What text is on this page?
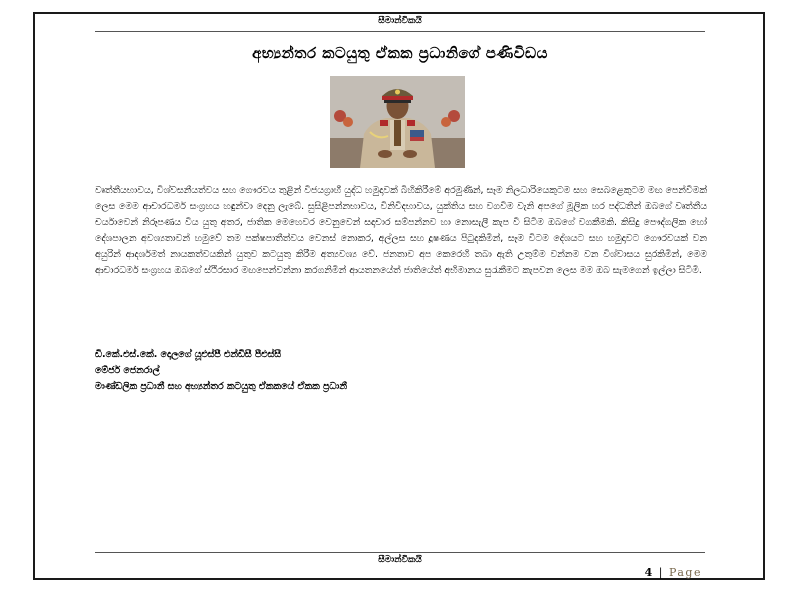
සීමාන්විකයි
අභ්‍යන්තර කටයුතු ඒකක ප්‍රධානිගේ පණිවිඩය

වෘත්තීයභාවය, විශ්වසනීයත්වය සහ ගෞරවය තුළින් විජයග්‍රාහී යුද්ධ හමුදාවක් බිහිකිරීමේ අරමුණින්, සෑම නිලධාරියෙකුටම සහ සෙබළෙකුටම මඟ පෙන්වීමක් ලෙස මෙම ආචාරධර්ම සංග්‍රහය හඳුන්වා දෙනු ලැබේ. සුසිළිපන්නභාවය, විනිවිදභාවය, යුක්තිය සහ වගවීම වැනි අපගේ මූලික හර පද්ධතීන් ඔබගේ වෘත්තීය චර්යාවෙන් නිරූපණය විය යුතු අතර, ජාතික මෙහෙවර වෙනුවෙන් සදාචාර සම්පන්නව හා නොසැලී කැප වී සිටීම ඔබගේ වගකීමකි. කිසිදු පෞද්ගලික හෝ දේශපාලන අවශ්‍යතාවන් හමුවේ තම පක්ෂපාතීත්වය වෙනස් නොකර, අල්ලස සහ දූෂණය පිටුදකිමින්, සෑම විටම දේශයට සහ හමුදාවට ගෞරවයක් වන අයුරින් ආදර්ශමත් නායකත්වයකින් යුතුව කටයුතු කිරීම අත්‍යවශ්‍ය වේ. ජනතාව අප කෙරෙහි තබා ඇති උතුම්ම වන්නම වන විශ්වාසය සුරකිමින්, මෙම ආචාරධර්ම සංග්‍රහය ඔබගේ ස්ථිරසාර මඟපෙන්වන්නා කරගනිමින් ආයතනයේත් ජාතියේත් අභිමානය සුරැකීමට කැපවන ලෙස මම ඔබ සැමගෙන් ඉල්ලා සිටිමි.

ඩී.කේ.එස්.කේ. දොලගේ යූඑස්පී එන්ඩීසී පීඑස්සී
මේජර් ජෙනරාල්
මාණ්ඩලික ප්‍රධානී සහ අභ්‍යන්තර කටයුතු ඒකකයේ ඒකක ප්‍රධානී
සීමාන්විකයි
4 | Page
